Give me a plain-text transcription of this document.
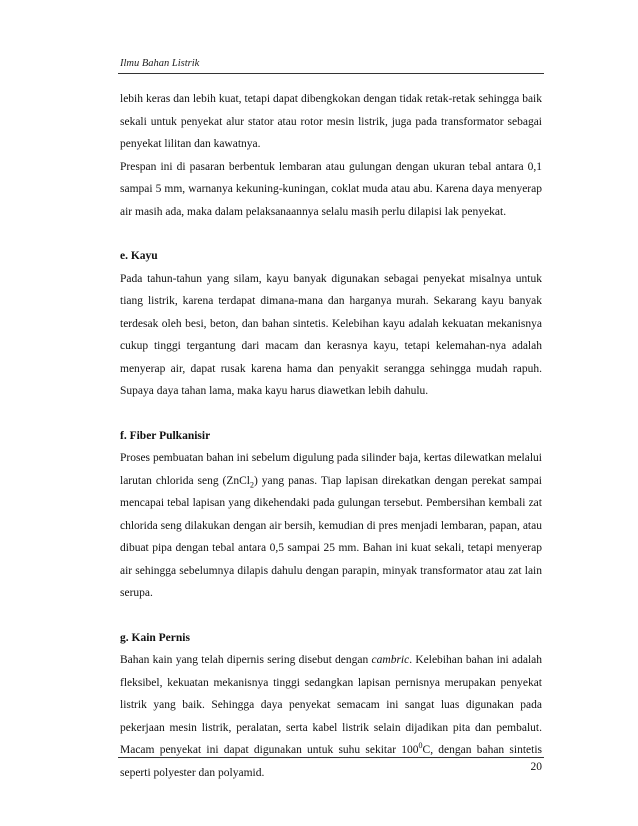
Ilmu Bahan Listrik

lebih keras dan lebih kuat, tetapi dapat dibengkokan dengan tidak retak-retak sehingga baik sekali untuk penyekat alur stator atau rotor mesin listrik, juga pada transformator sebagai penyekat lilitan dan kawatnya.

Prespan ini di pasaran berbentuk lembaran atau gulungan dengan ukuran tebal antara 0,1 sampai 5 mm, warnanya kekuning-kuningan, coklat muda atau abu. Karena daya menyerap air masih ada, maka dalam pelaksanaannya selalu masih perlu dilapisi lak penyekat.

e. Kayu

Pada tahun-tahun yang silam, kayu banyak digunakan sebagai penyekat misalnya untuk tiang listrik, karena terdapat dimana-mana dan harganya murah. Sekarang kayu banyak terdesak oleh besi, beton, dan bahan sintetis. Kelebihan kayu adalah kekuatan mekanisnya cukup tinggi tergantung dari macam dan kerasnya kayu, tetapi kelemahan-nya adalah menyerap air, dapat rusak karena hama dan penyakit serangga sehingga mudah rapuh. Supaya daya tahan lama, maka kayu harus diawetkan lebih dahulu.

f. Fiber Pulkanisir

Proses pembuatan bahan ini sebelum digulung pada silinder baja, kertas dilewatkan melalui larutan chlorida seng (ZnCl$_2$) yang panas. Tiap lapisan direkatkan dengan perekat sampai mencapai tebal lapisan yang dikehendaki pada gulungan tersebut. Pembersihan kembali zat chlorida seng dilakukan dengan air bersih, kemudian di pres menjadi lembaran, papan, atau dibuat pipa dengan tebal antara 0,5 sampai 25 mm. Bahan ini kuat sekali, tetapi menyerap air sehingga sebelumnya dilapis dahulu dengan parapin, minyak transformator atau zat lain serupa.

g. Kain Pernis

Bahan kain yang telah dipernis sering disebut dengan cambric. Kelebihan bahan ini adalah fleksibel, kekuatan mekanisnya tinggi sedangkan lapisan pernisnya merupakan penyekat listrik yang baik. Sehingga daya penyekat semacam ini sangat luas digunakan pada pekerjaan mesin listrik, peralatan, serta kabel listrik selain dijadikan pita dan pembalut. Macam penyekat ini dapat digunakan untuk suhu sekitar $100^0C$, dengan bahan sintetis seperti polyester dan polyamid.	20
